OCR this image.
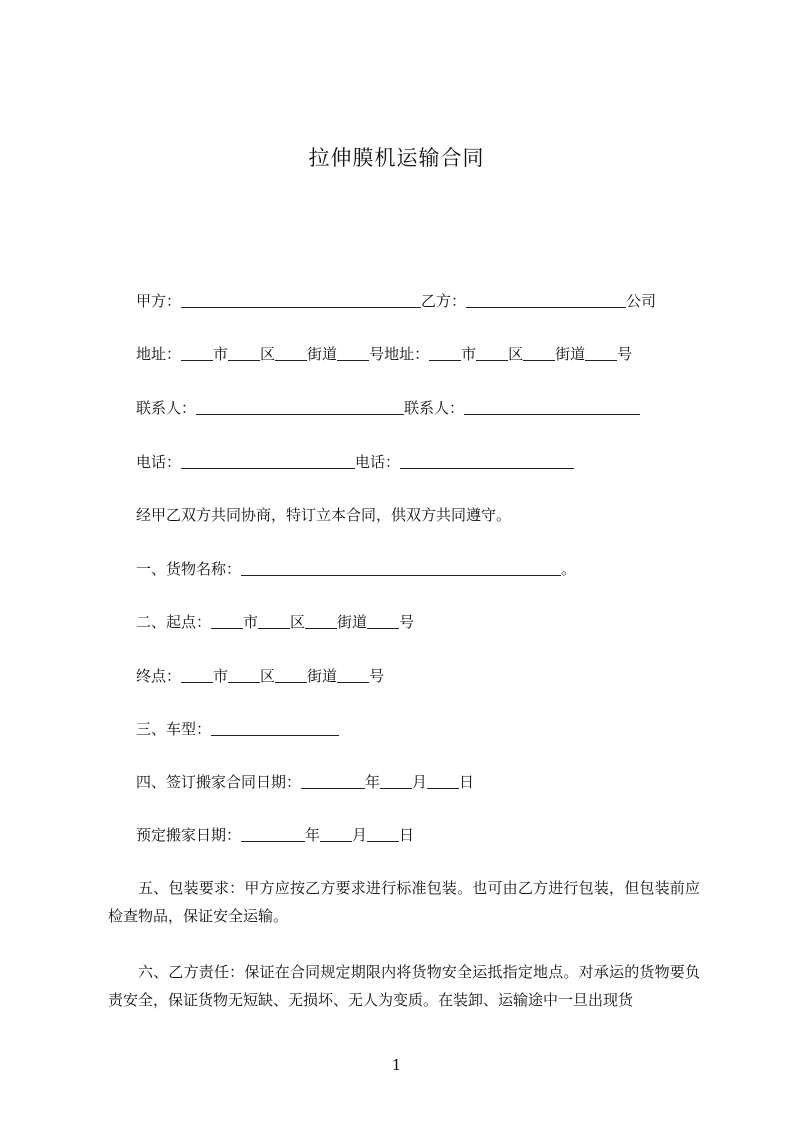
拉伸膜机运输合同
甲方：	乙方：	公司
地址： 市 区 街道 号地址： 市 区 街道 号
联系人：	联系人：
电话：	电话：
经甲乙双方共同协商，特订立本合同，供双方共同遵守。
一、货物名称：	。
二、起点： 市 区 街道 号
终点： 市 区 街道 号
三、车型：
四、签订搬家合同日期：	年 月 日
预定搬家日期：	年 月 日
五、包装要求：甲方应按乙方要求进行标准包装。也可由乙方进行包装，但包装前应检查物品，保证安全运输。
六、乙方责任：保证在合同规定期限内将货物安全运抵指定地点。对承运的货物要负责安全，保证货物无短缺、无损坏、无人为变质。在装卸、运输途中一旦出现货
1
